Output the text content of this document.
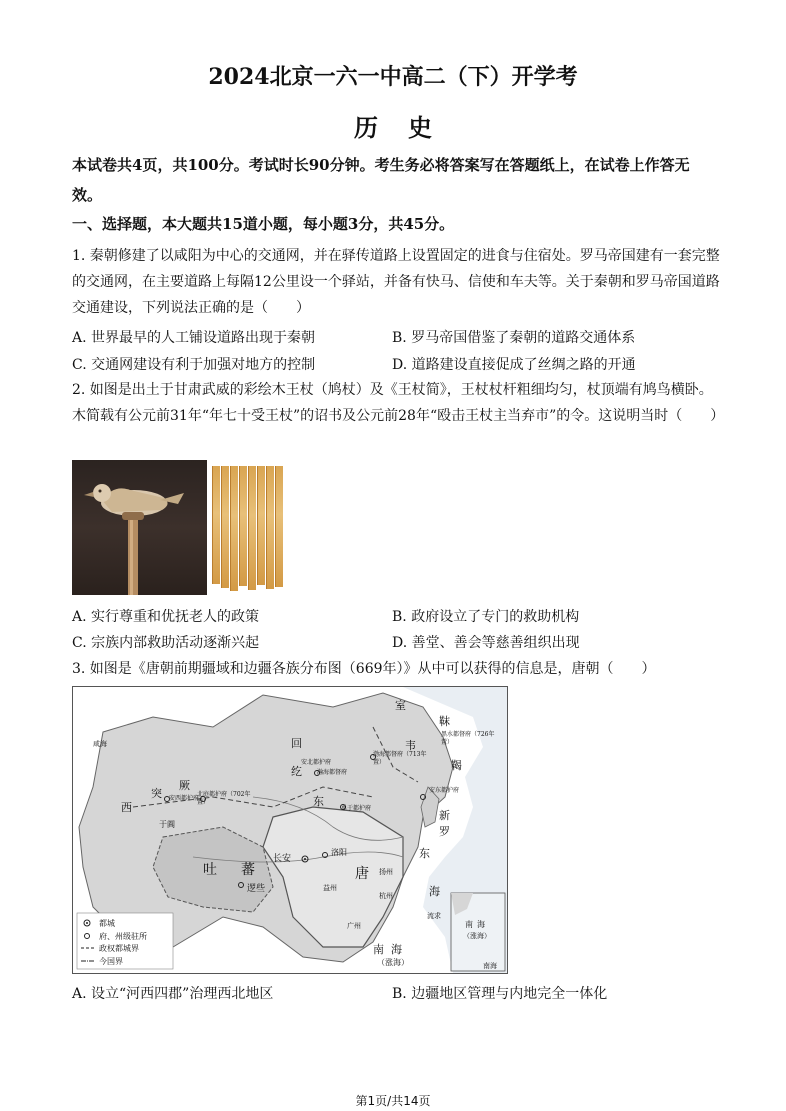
2024北京一六一中高二（下）开学考
历史
本试卷共4页，共100分。考试时长90分钟。考生务必将答案写在答题纸上，在试卷上作答无效。
一、选择题，本大题共15道小题，每小题3分，共45分。
1. 秦朝修建了以咸阳为中心的交通网，并在驿传道路上设置固定的进食与住宿处。罗马帝国建有一套完整的交通网，在主要道路上每隔12公里设一个驿站，并备有快马、信使和车夫等。关于秦朝和罗马帝国道路交通建设，下列说法正确的是（　　）
A. 世界最早的人工铺设道路出现于秦朝	B. 罗马帝国借鉴了秦朝的道路交通体系
C. 交通网建设有利于加强对地方的控制	D. 道路建设直接促成了丝绸之路的开通
2. 如图是出土于甘肃武威的彩绘木王杖（鸠杖）及《王杖简》，王杖杖杆粗细均匀，杖顶端有鸠鸟横卧。木简载有公元前31年“年七十受王杖”的诏书及公元前28年“殴击王杖主当弃市”的令。这说明当时（　　）
A. 实行尊重和优抚老人的政策	B. 政府设立了专门的救助机构
C. 宗族内部救助活动逐渐兴起	D. 善堂、善会等慈善组织出现
3. 如图是《唐朝前期疆域和边疆各族分布图（669年）》从中可以获得的信息是，唐朝（　　）
室
韦
靺
鞨
黑水都督府（726年置）
渤海都督府（713年置）
回
纥
安北都护府
瀚海都督府
西
突
厥
东
安西都护府
北庭都护府（702年置）
单于都护府
安东都护府
新
罗
于阗
吐 蕃
逻些
唐
长安
洛阳
扬州
杭州
广州
益州
东
海
南 海
（涨海）
流求
咸海
都城
府、州级驻所
政权都城界
今国界
南 海
（涨海）
南海
A. 设立“河西四郡”治理西北地区	B. 边疆地区管理与内地完全一体化
第1页/共14页
